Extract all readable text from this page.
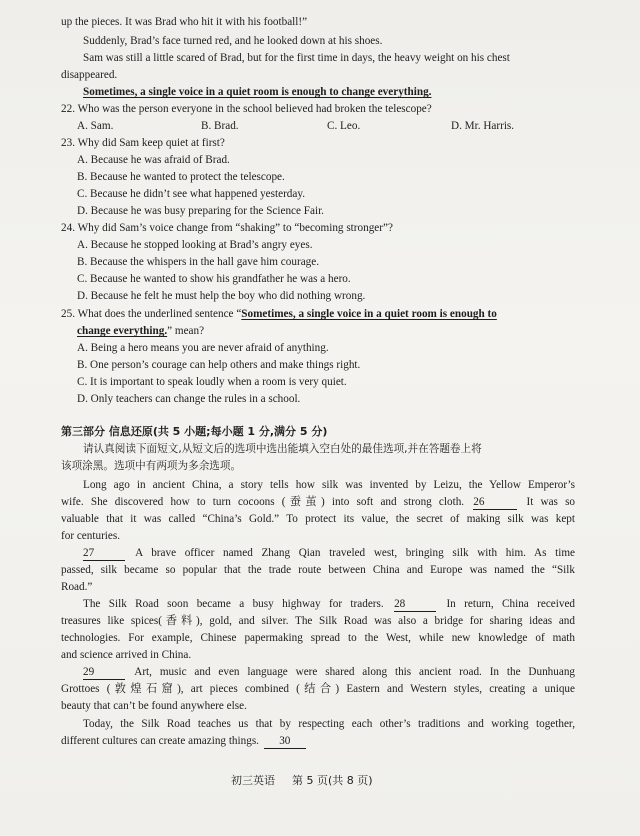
up the pieces. It was Brad who hit it with his football!”
Suddenly, Brad’s face turned red, and he looked down at his shoes.
Sam was still a little scared of Brad, but for the first time in days, the heavy weight on his chest
disappeared.
Sometimes, a single voice in a quiet room is enough to change everything.
22. Who was the person everyone in the school believed had broken the telescope?
A. Sam.	B. Brad.	C. Leo.	D. Mr. Harris.
23. Why did Sam keep quiet at first?
A. Because he was afraid of Brad.
B. Because he wanted to protect the telescope.
C. Because he didn’t see what happened yesterday.
D. Because he was busy preparing for the Science Fair.
24. Why did Sam’s voice change from “shaking” to “becoming stronger”?
A. Because he stopped looking at Brad’s angry eyes.
B. Because the whispers in the hall gave him courage.
C. Because he wanted to show his grandfather he was a hero.
D. Because he felt he must help the boy who did nothing wrong.
25. What does the underlined sentence “Sometimes, a single voice in a quiet room is enough to
change everything.” mean?
A. Being a hero means you are never afraid of anything.
B. One person’s courage can help others and make things right.
C. It is important to speak loudly when a room is very quiet.
D. Only teachers can change the rules in a school.
第三部分 信息还原(共 5 小题;每小题 1 分,满分 5 分)
请认真阅读下面短文,从短文后的选项中选出能填入空白处的最佳选项,并在答题卷上将
该项涂黑。选项中有两项为多余选项。
Long ago in ancient China, a story tells how silk was invented by Leizu, the Yellow Emperor’s
wife. She discovered how to turn cocoons (蚕茧) into soft and strong cloth. 26	It was so
valuable that it was called “China’s Gold.” To protect its value, the secret of making silk was kept
for centuries.
27	A brave officer named Zhang Qian traveled west, bringing silk with him. As time
passed, silk became so popular that the trade route between China and Europe was named the “Silk
Road.”
The Silk Road soon became a busy highway for traders. 28	In return, China received
treasures like spices(香料), gold, and silver. The Silk Road was also a bridge for sharing ideas and
technologies. For example, Chinese papermaking spread to the West, while new knowledge of math
and science arrived in China.
29	Art, music and even language were shared along this ancient road. In the Dunhuang
Grottoes (敦煌石窟), art pieces combined (结合) Eastern and Western styles, creating a unique
beauty that can’t be found anywhere else.
Today, the Silk Road teaches us that by respecting each other’s traditions and working together,
different cultures can create amazing things. 30
初三英语 第 5 页(共 8 页)
